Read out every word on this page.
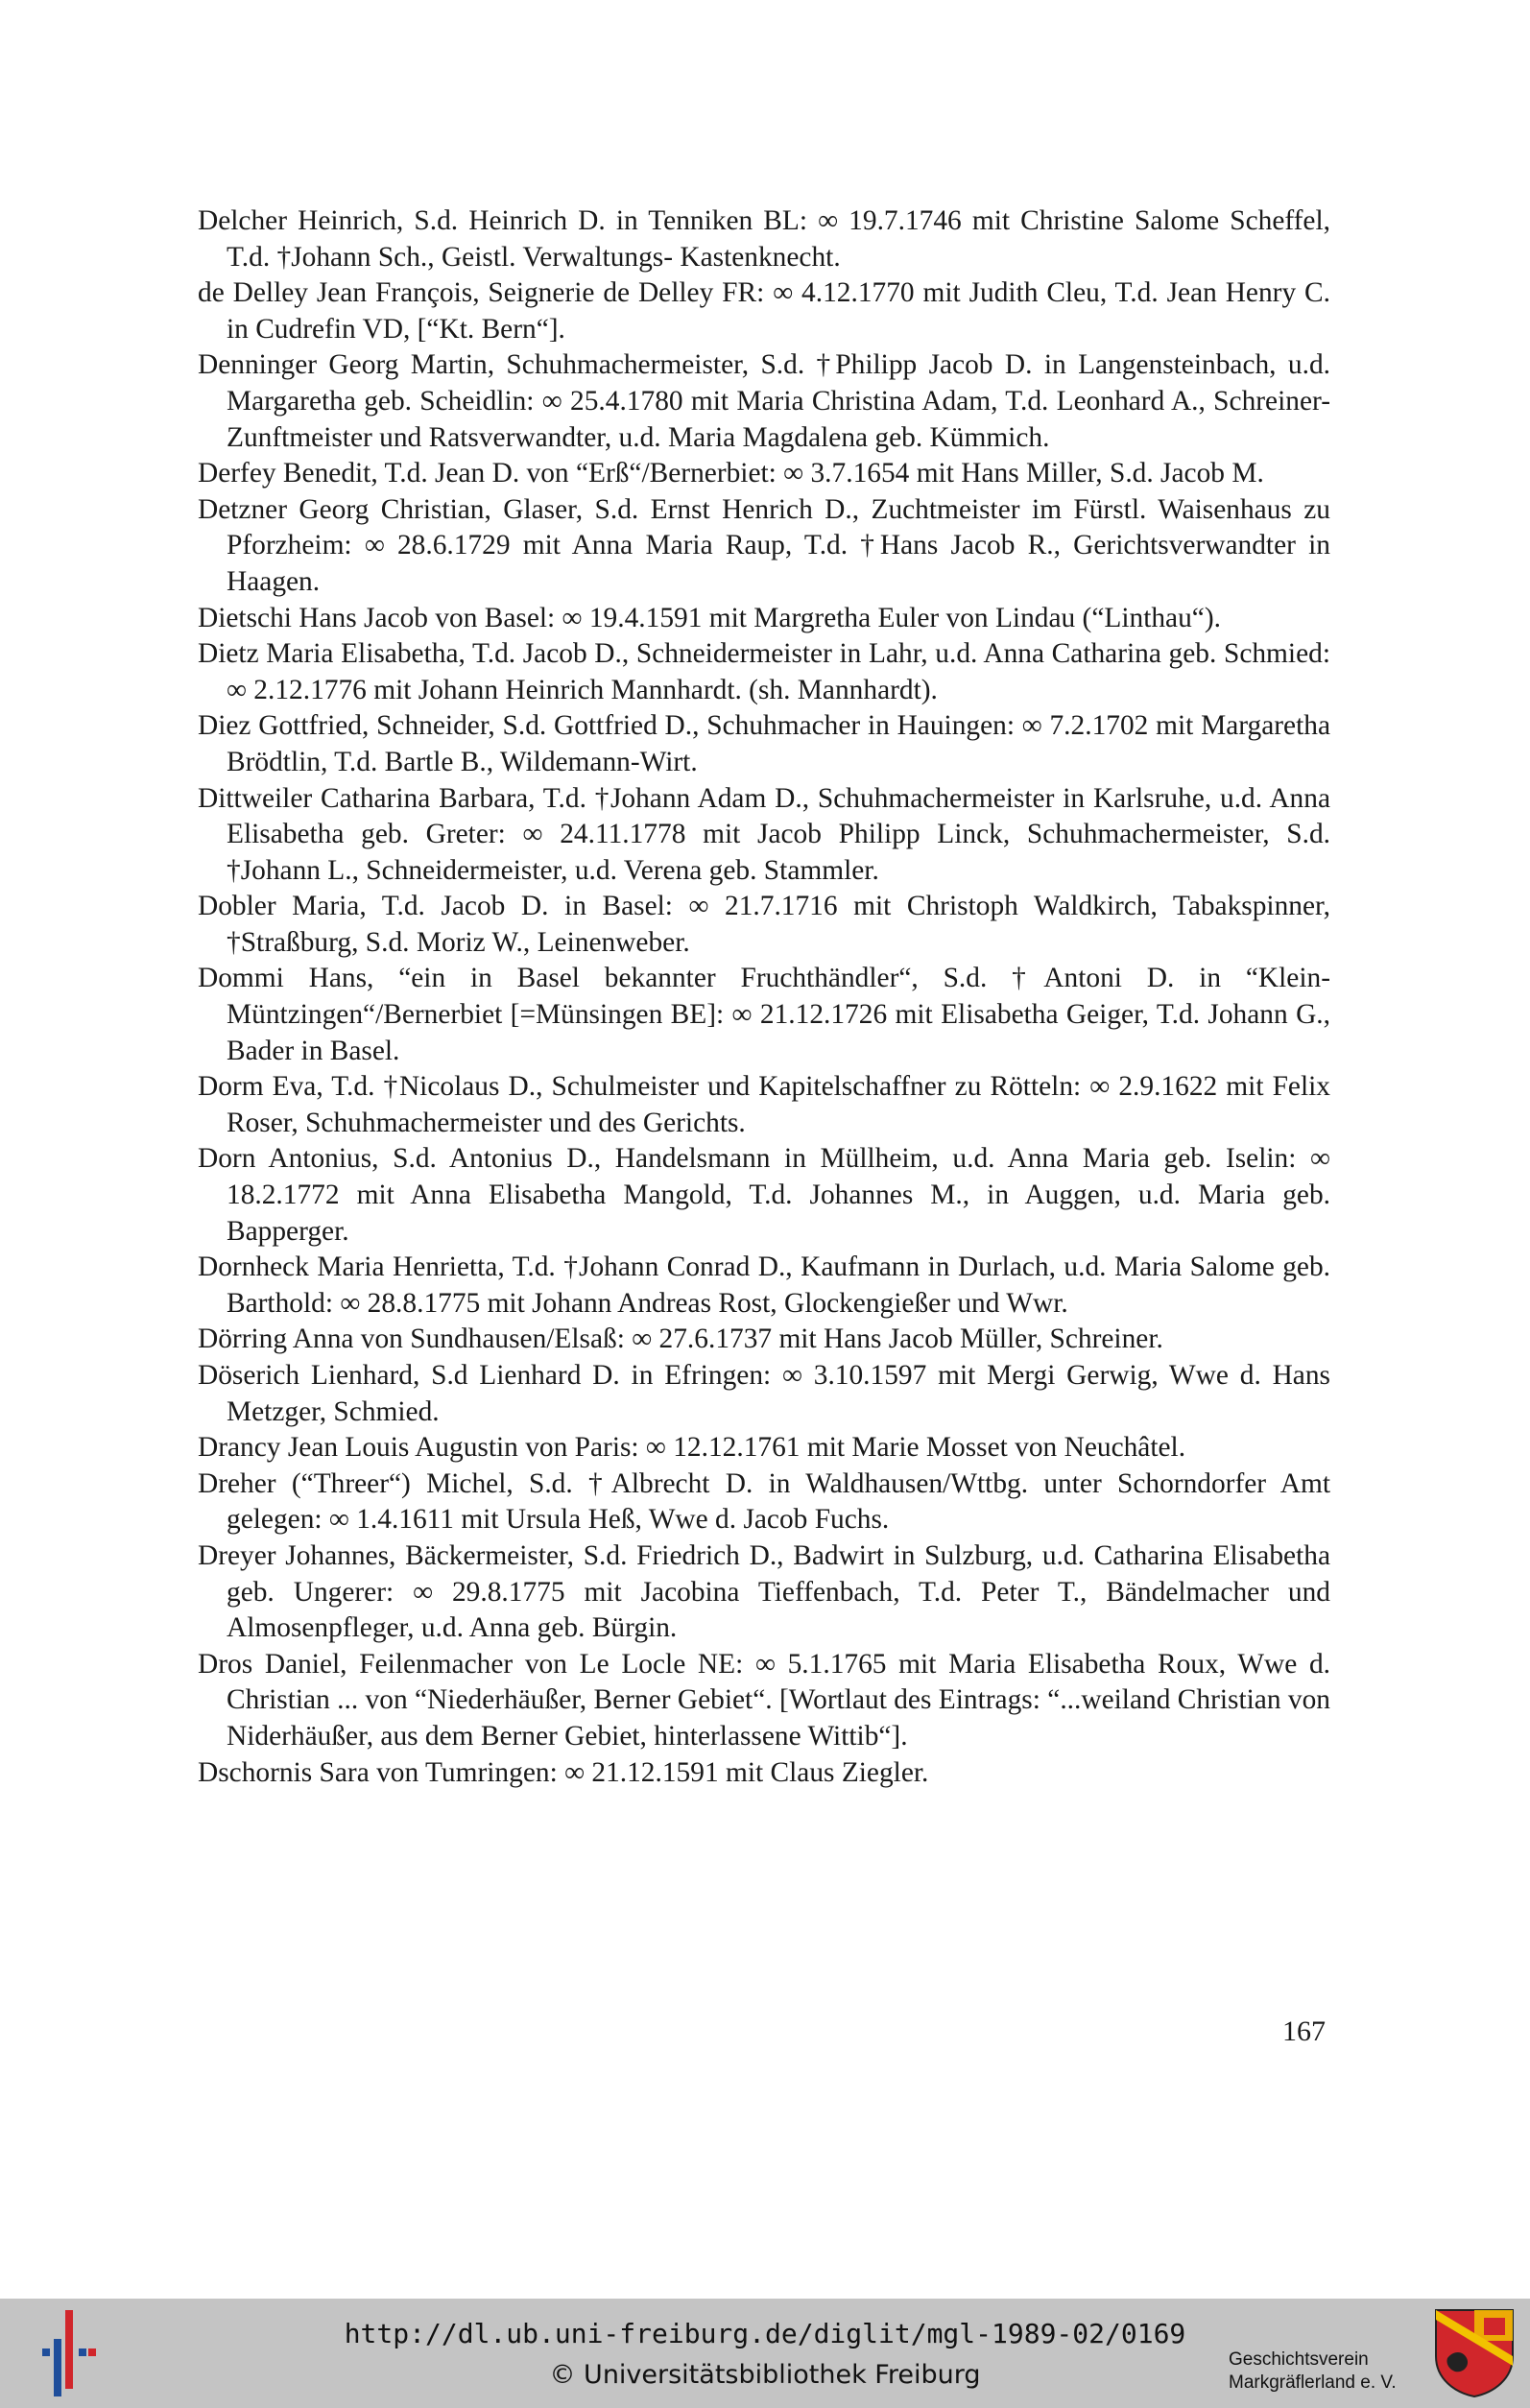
Delcher Heinrich, S.d. Heinrich D. in Tenniken BL: ∞ 19.7.1746 mit Christine Salome Scheffel, T.d. †Johann Sch., Geistl. Verwaltungs- Kastenknecht.

de Delley Jean François, Seignerie de Delley FR: ∞ 4.12.1770 mit Judith Cleu, T.d. Jean Henry C. in Cudrefin VD, [“Kt. Bern“].

Denninger Georg Martin, Schuhmachermeister, S.d. †Philipp Jacob D. in Langensteinbach, u.d. Margaretha geb. Scheidlin: ∞ 25.4.1780 mit Maria Christina Adam, T.d. Leonhard A., Schreiner- Zunftmeister und Ratsverwandter, u.d. Maria Magdalena geb. Kümmich.

Derfey Benedit, T.d. Jean D. von “Erß“/Bernerbiet: ∞ 3.7.1654 mit Hans Miller, S.d. Jacob M.

Detzner Georg Christian, Glaser, S.d. Ernst Henrich D., Zuchtmeister im Fürstl. Waisenhaus zu Pforzheim: ∞ 28.6.1729 mit Anna Maria Raup, T.d. †Hans Jacob R., Gerichtsverwandter in Haagen.

Dietschi Hans Jacob von Basel: ∞ 19.4.1591 mit Margretha Euler von Lindau (“Linthau“).

Dietz Maria Elisabetha, T.d. Jacob D., Schneidermeister in Lahr, u.d. Anna Catharina geb. Schmied: ∞ 2.12.1776 mit Johann Heinrich Mannhardt. (sh. Mannhardt).

Diez Gottfried, Schneider, S.d. Gottfried D., Schuhmacher in Hauingen: ∞ 7.2.1702 mit Margaretha Brödtlin, T.d. Bartle B., Wildemann-Wirt.

Dittweiler Catharina Barbara, T.d. †Johann Adam D., Schuhmachermeister in Karlsruhe, u.d. Anna Elisabetha geb. Greter: ∞ 24.11.1778 mit Jacob Philipp Linck, Schuhmachermeister, S.d. †Johann L., Schneidermeister, u.d. Verena geb. Stammler.

Dobler Maria, T.d. Jacob D. in Basel: ∞ 21.7.1716 mit Christoph Waldkirch, Tabakspinner, †Straßburg, S.d. Moriz W., Leinenweber.

Dommi Hans, “ein in Basel bekannter Fruchthändler“, S.d. †Antoni D. in “Klein-Müntzingen“/Bernerbiet [=Münsingen BE]: ∞ 21.12.1726 mit Elisabetha Geiger, T.d. Johann G., Bader in Basel.

Dorm Eva, T.d. †Nicolaus D., Schulmeister und Kapitelschaffner zu Rötteln: ∞ 2.9.1622 mit Felix Roser, Schuhmachermeister und des Gerichts.

Dorn Antonius, S.d. Antonius D., Handelsmann in Müllheim, u.d. Anna Maria geb. Iselin: ∞ 18.2.1772 mit Anna Elisabetha Mangold, T.d. Johannes M., in Auggen, u.d. Maria geb. Bapperger.

Dornheck Maria Henrietta, T.d. †Johann Conrad D., Kaufmann in Durlach, u.d. Maria Salome geb. Barthold: ∞ 28.8.1775 mit Johann Andreas Rost, Glockengießer und Wwr.

Dörring Anna von Sundhausen/Elsaß: ∞ 27.6.1737 mit Hans Jacob Müller, Schreiner.

Döserich Lienhard, S.d Lienhard D. in Efringen: ∞ 3.10.1597 mit Mergi Gerwig, Wwe d. Hans Metzger, Schmied.

Drancy Jean Louis Augustin von Paris: ∞ 12.12.1761 mit Marie Mosset von Neuchâtel.

Dreher (“Threer“) Michel, S.d. †Albrecht D. in Waldhausen/Wttbg. unter Schorndorfer Amt gelegen: ∞ 1.4.1611 mit Ursula Heß, Wwe d. Jacob Fuchs.

Dreyer Johannes, Bäckermeister, S.d. Friedrich D., Badwirt in Sulzburg, u.d. Catharina Elisabetha geb. Ungerer: ∞ 29.8.1775 mit Jacobina Tieffenbach, T.d. Peter T., Bändelmacher und Almosenpfleger, u.d. Anna geb. Bürgin.

Dros Daniel, Feilenmacher von Le Locle NE: ∞ 5.1.1765 mit Maria Elisabetha Roux, Wwe d. Christian ... von “Niederhäußer, Berner Gebiet“. [Wortlaut des Eintrags: “...weiland Christian von Niderhäußer, aus dem Berner Gebiet, hinterlassene Wittib“].

Dschornis Sara von Tumringen: ∞ 21.12.1591 mit Claus Ziegler.

167
http://dl.ub.uni-freiburg.de/diglit/mgl-1989-02/0169
© Universitätsbibliothek Freiburg
Geschichtsverein
Markgräflerland e. V.
